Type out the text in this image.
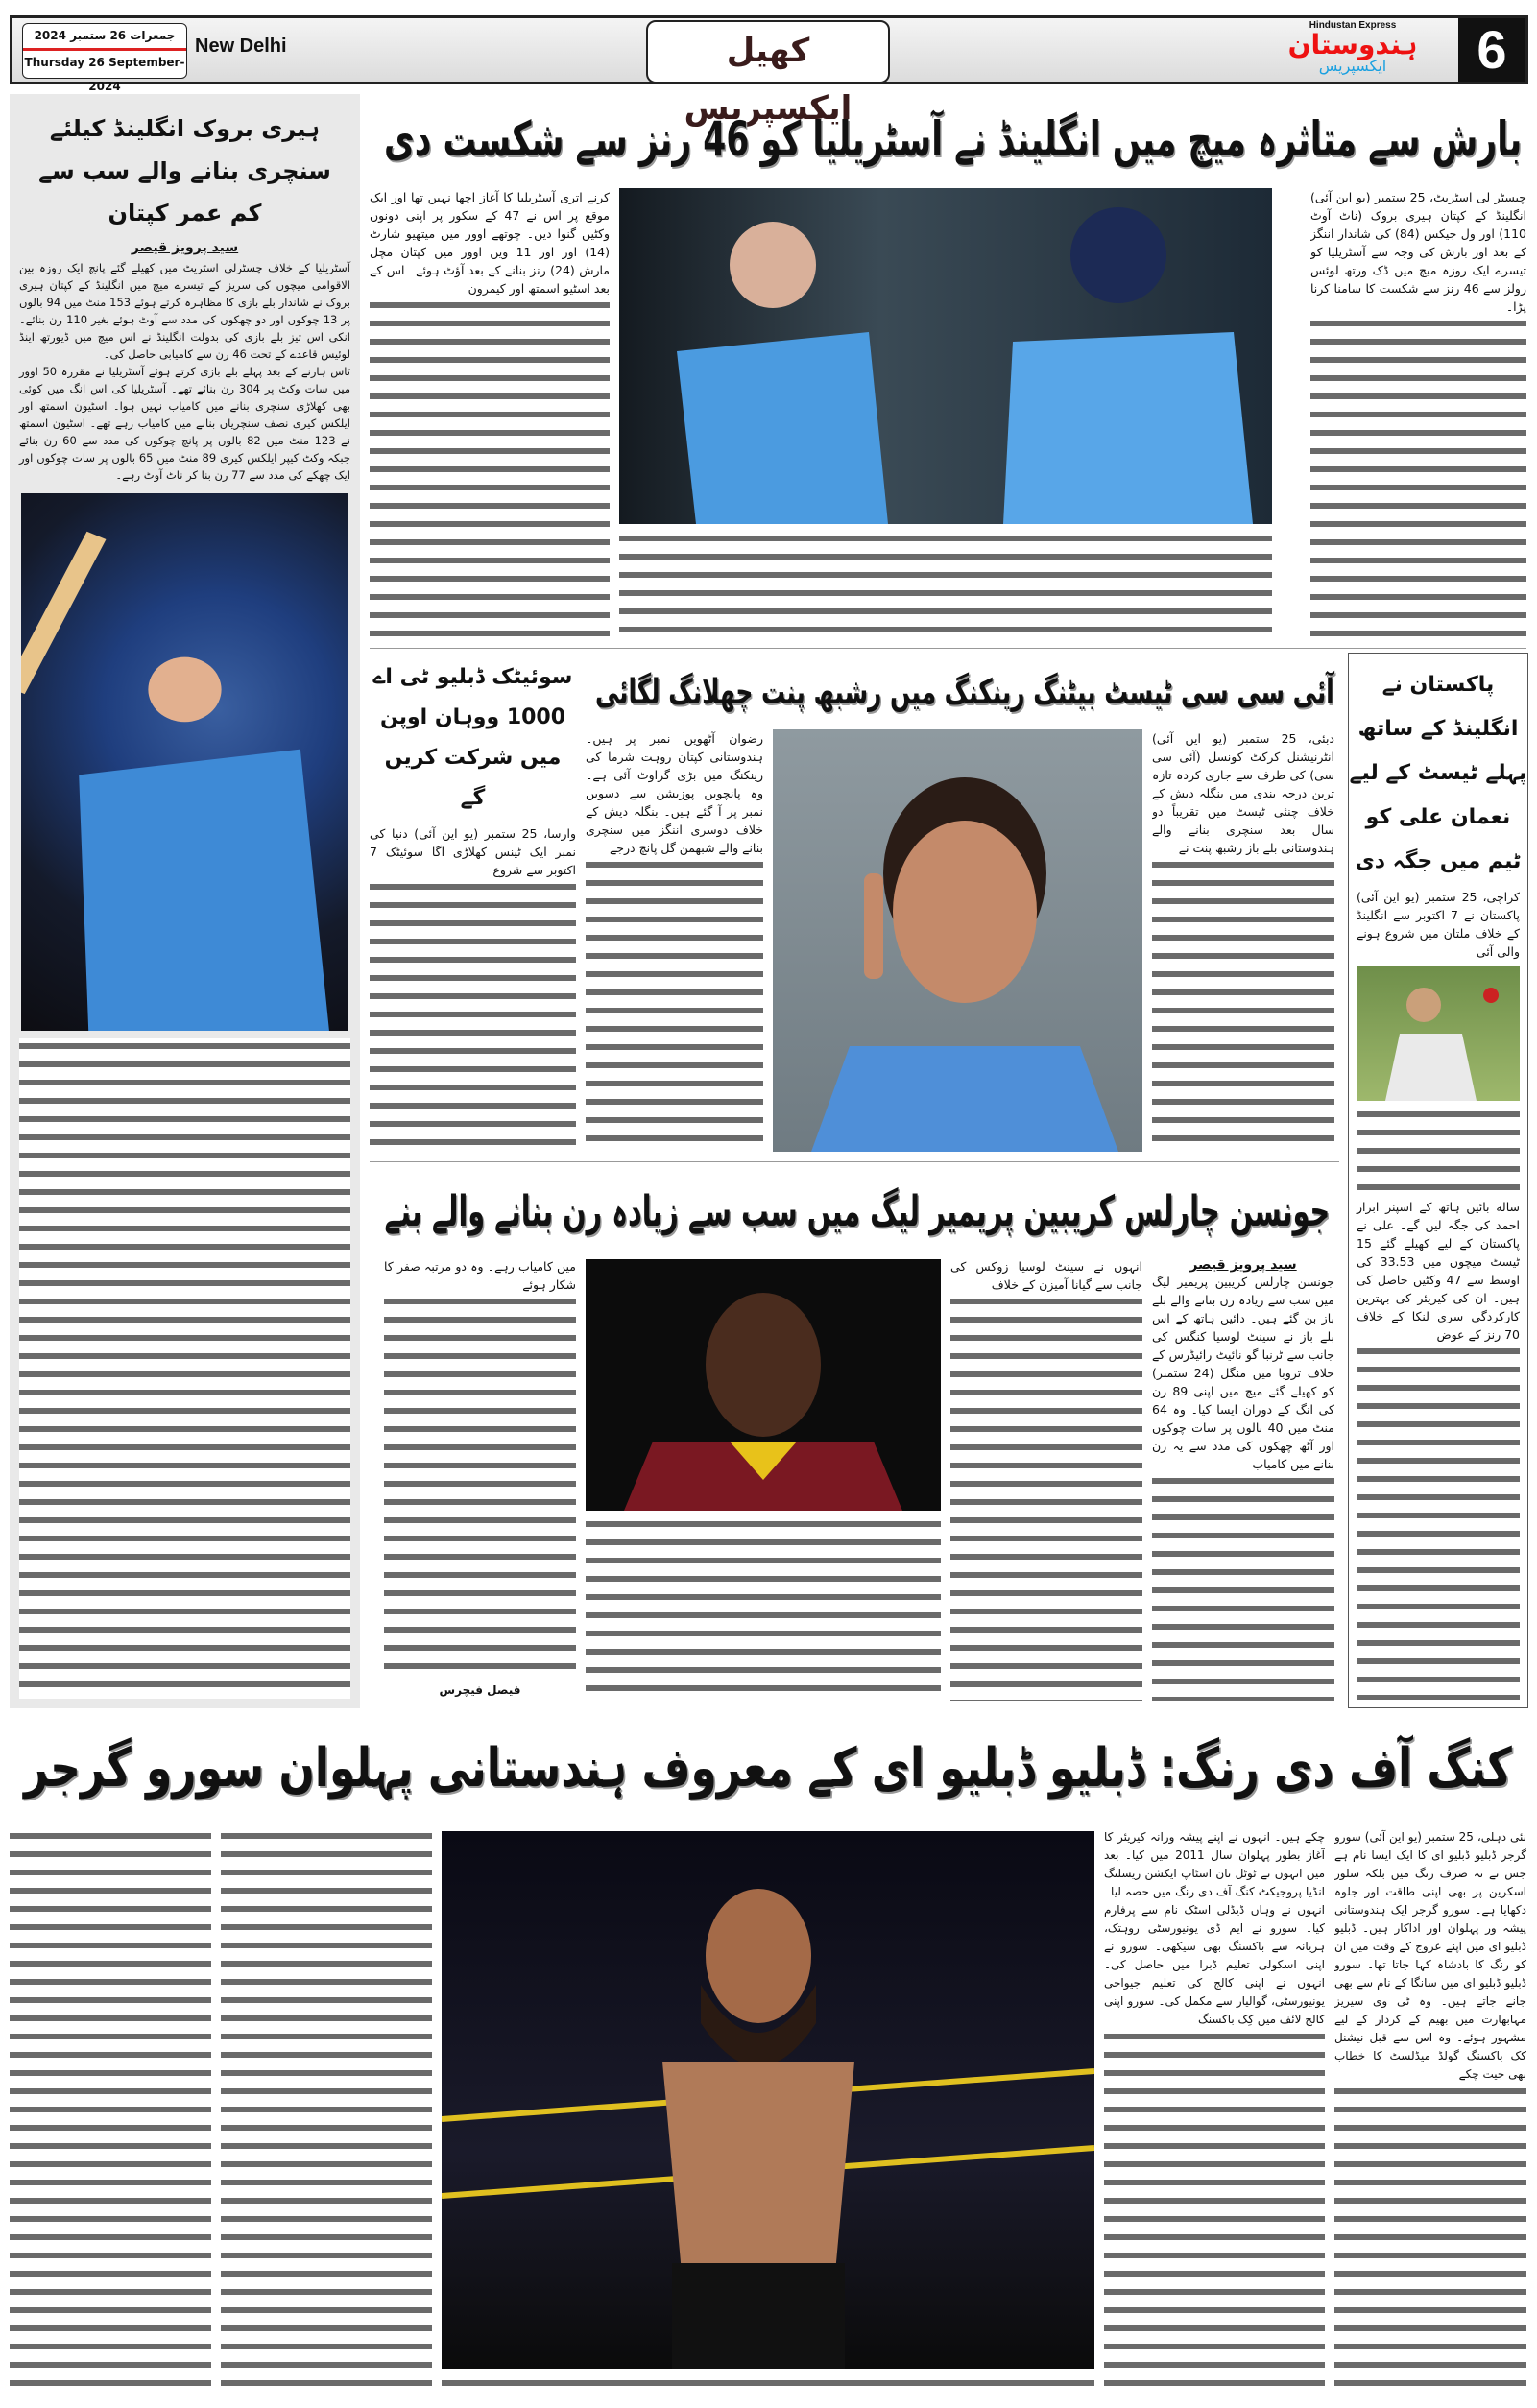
جمعرات 26 ستمبر 2024
Thursday 26 September-2024
New Delhi	کھیل ایکسپریس
Hindustan Express
ہندوستان
ایکسپریس	6
ہیری بروک انگلینڈ کیلئے سنچری بنانے والے سب سے کم عمر کپتان
سید پرویز قیصر
آسٹریلیا کے خلاف چسٹرلی اسٹریٹ میں کھیلے گئے پانچ ایک روزہ بین الاقوامی میچوں کی سریز کے تیسرے میچ میں انگلینڈ کے کپتان ہیری بروک نے شاندار بلے بازی کا مظاہرہ کرتے ہوئے 153 منٹ میں 94 بالوں پر 13 چوکوں اور دو چھکوں کی مدد سے آوٹ ہوئے بغیر 110 رن بنائے۔ انکی اس تیز بلے بازی کی بدولت انگلینڈ نے اس میچ میں ڈیورتھ اینڈ لوئیس قاعدے کے تحت 46 رن سے کامیابی حاصل کی۔
ٹاس ہارنے کے بعد پہلے بلے بازی کرتے ہوئے آسٹریلیا نے مقررہ 50 اوور میں سات وکٹ پر 304 رن بنائے تھے۔ آسٹریلیا کی اس انگ میں کوئی بھی کھلاڑی سنچری بنانے میں کامیاب نہیں ہوا۔ اسٹیون اسمتھ اور ایلکس کیری نصف سنچریاں بنانے میں کامیاب رہے تھے۔ اسٹیون اسمتھ نے 123 منٹ میں 82 بالوں پر پانچ چوکوں کی مدد سے 60 رن بنائے جبکہ وکٹ کیپر ایلکس کیری 89 منٹ میں 65 بالوں پر سات چوکوں اور ایک چھکے کی مدد سے 77 رن بنا کر ناٹ آوٹ رہے۔
بارش سے متاثرہ میچ میں انگلینڈ نے آسٹریلیا کو 46 رنز سے شکست دی
چیسٹر لی اسٹریٹ، 25 ستمبر (یو این آئی) انگلینڈ کے کپتان ہیری بروک (ناٹ آوٹ 110) اور ول جیکس (84) کی شاندار اننگز کے بعد اور بارش کی وجہ سے آسٹریلیا کو تیسرے ایک روزہ میچ میں ڈک ورتھ لوئس رولز سے 46 رنز سے شکست کا سامنا کرنا پڑا۔
کرنے اتری آسٹریلیا کا آغاز اچھا نہیں تھا اور ایک موقع پر اس نے 47 کے سکور پر اپنی دونوں وکٹیں گنوا دیں۔ چوتھے اوور میں میتھیو شارٹ (14) اور اور 11 ویں اوور میں کپتان مچل مارش (24) رنز بنانے کے بعد آؤٹ ہوئے۔ اس کے بعد اسٹیو اسمتھ اور کیمرون
سوئیٹک ڈبلیو ٹی اے 1000 ووہان اوپن میں شرکت کریں گے
وارسا، 25 ستمبر (یو این آئی) دنیا کی نمبر ایک ٹینس کھلاڑی اگا سوئیٹک 7 اکتوبر سے شروع
آئی سی سی ٹیسٹ بیٹنگ رینکنگ میں رشبھ پنت چھلانگ لگائی
دبئی، 25 ستمبر (یو این آئی) انٹرنیشنل کرکٹ کونسل (آئی سی سی) کی طرف سے جاری کردہ تازہ ترین درجہ بندی میں بنگلہ دیش کے خلاف چنئی ٹیسٹ میں تقریباً دو سال بعد سنچری بنانے والے ہندوستانی بلے باز رشبھ پنت نے
رضوان آٹھویں نمبر پر ہیں۔ ہندوستانی کپتان روہت شرما کی رینکنگ میں بڑی گراوٹ آئی ہے۔ وہ پانچویں پوزیشن سے دسویں نمبر پر آ گئے ہیں۔ بنگلہ دیش کے خلاف دوسری اننگز میں سنچری بنانے والے شبھمن گل پانچ درجے
پاکستان نے انگلینڈ کے ساتھ پہلے ٹیسٹ کے لیے نعمان علی کو ٹیم میں جگہ دی
کراچی، 25 ستمبر (یو این آئی) پاکستان نے 7 اکتوبر سے انگلینڈ کے خلاف ملتان میں شروع ہونے والی آئی
ساله بائیں ہاتھ کے اسپنر ابرار احمد کی جگہ لیں گے۔ علی نے پاکستان کے لیے کھیلے گئے 15 ٹیسٹ میچوں میں 33.53 کی اوسط سے 47 وکٹیں حاصل کی ہیں۔ ان کی کیریئر کی بہترین کارکردگی سری لنکا کے خلاف 70 رنز کے عوض
جونسن چارلس کریبین پریمیر لیگ میں سب سے زیادہ رن بنانے والے بنے
سید پرویز قیصر
جونسن چارلس کریبین پریمیر لیگ میں سب سے زیادہ رن بنانے والے بلے باز بن گئے ہیں۔ دائیں ہاتھ کے اس بلے باز نے سینٹ لوسیا کنگس کی جانب سے ٹرنبا گو نائیٹ رائیڈرس کے خلاف تروبا میں منگل (24 ستمبر) کو کھیلے گئے میچ میں اپنی 89 رن کی انگ کے دوران ایسا کیا۔ وہ 64 منٹ میں 40 بالوں پر سات چوکوں اور آٹھ چھکوں کی مدد سے یہ رن بنانے میں کامیاب
انہوں نے سینٹ لوسیا زوکس کی جانب سے گیانا آمیزن کے خلاف
میں کامیاب رہے۔ وہ دو مرتبہ صفر کا شکار ہوئے
فیصل فیچرس
کنگ آف دی رنگ: ڈبلیو ڈبلیو ای کے معروف ہندستانی پہلوان سورو گرجر
نئی دہلی، 25 ستمبر (یو این آئی) سورو گرجر ڈبلیو ڈبلیو ای کا ایک ایسا نام ہے جس نے نہ صرف رنگ میں بلکہ سلور اسکرین پر بھی اپنی طاقت اور جلوہ دکھایا ہے۔ سورو گرجر ایک ہندوستانی پیشہ ور پہلوان اور اداکار ہیں۔ ڈبلیو ڈبلیو ای میں اپنے عروج کے وقت میں ان کو رنگ کا بادشاہ کہا جاتا تھا۔ سورو ڈبلیو ڈبلیو ای میں سانگا کے نام سے بھی جانے جاتے ہیں۔ وہ ٹی وی سیریز مہابھارت میں بھیم کے کردار کے لیے مشہور ہوئے۔ وہ اس سے قبل نیشنل کک باکسنگ گولڈ میڈلسٹ کا خطاب بھی جیت چکے
چکے ہیں۔ انہوں نے اپنے پیشہ ورانہ کیریئر کا آغاز بطور پہلوان سال 2011 میں کیا۔ بعد میں انہوں نے ٹوٹل نان اسٹاپ ایکشن ریسلنگ انڈیا پروجیکٹ کنگ آف دی رنگ میں حصہ لیا۔ انہوں نے وہاں ڈیڈلی اسٹک نام سے پرفارم کیا۔ سورو نے ایم ڈی یونیورسٹی روہتک، ہریانہ سے باکسنگ بھی سیکھی۔ سورو نے اپنی اسکولی تعلیم ڈبرا میں حاصل کی۔ انہوں نے اپنی کالج کی تعلیم جیواجی یونیورسٹی، گوالیار سے مکمل کی۔ سورو اپنی کالج لائف میں کِک باکسنگ
